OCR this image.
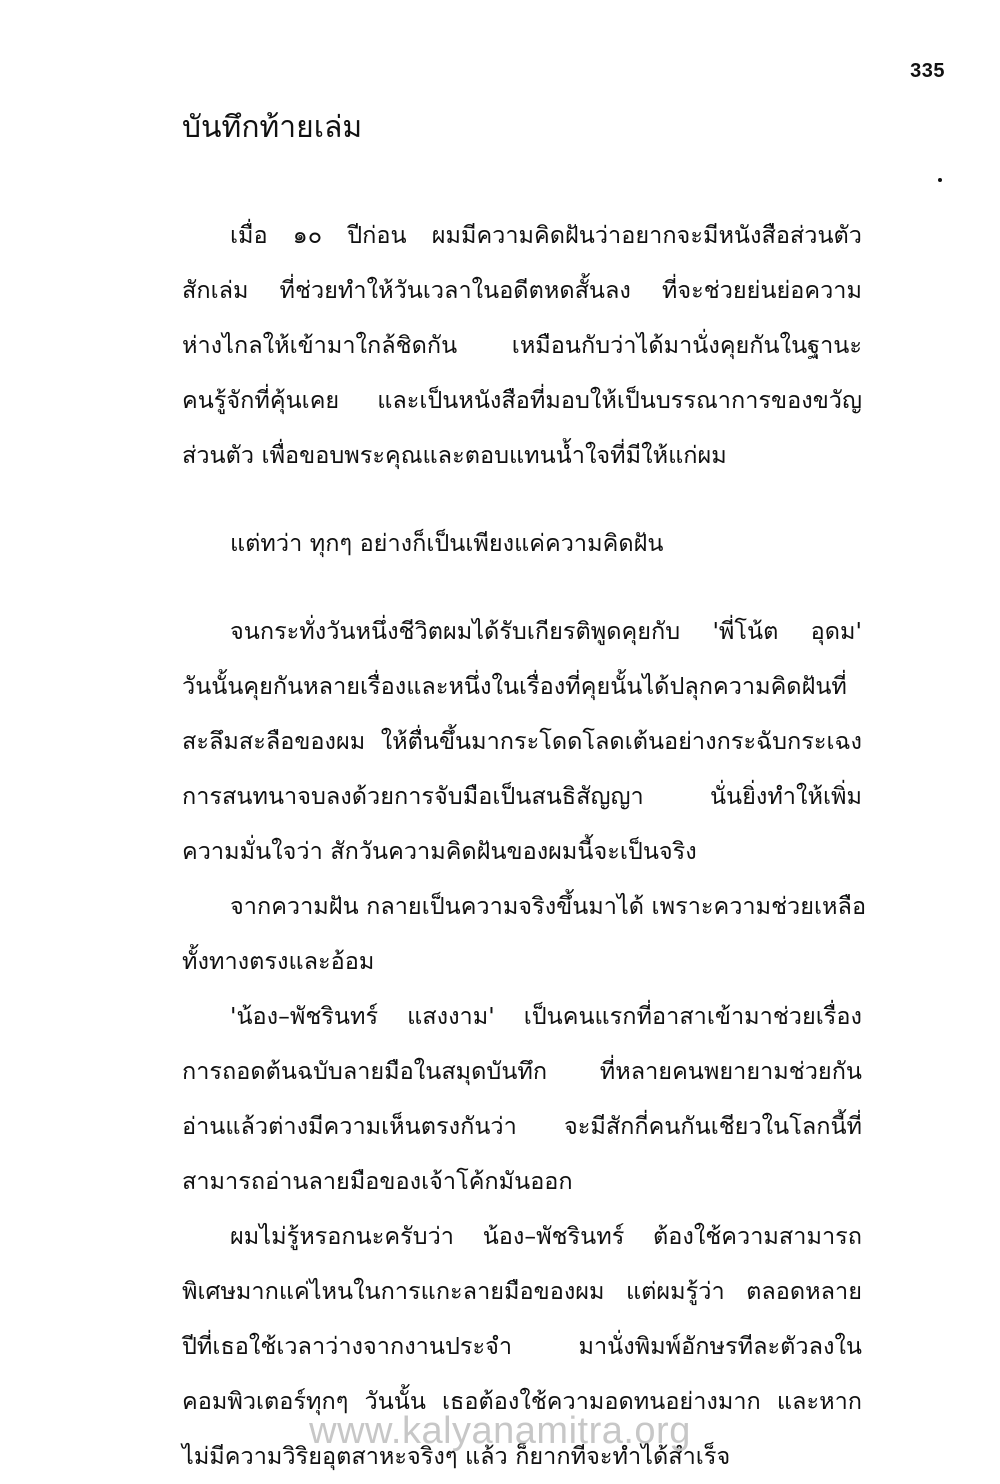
335
บันทึกท้ายเล่ม
เมื่อ ๑๐ ปีก่อน ผมมีความคิดฝันว่าอยากจะมีหนังสือส่วนตัว
สักเล่ม ที่ช่วยทำให้วันเวลาในอดีตหดสั้นลง ที่จะช่วยย่นย่อความ
ห่างไกลให้เข้ามาใกล้ชิดกัน เหมือนกับว่าได้มานั่งคุยกันในฐานะ
คนรู้จักที่คุ้นเคย และเป็นหนังสือที่มอบให้เป็นบรรณาการของขวัญ
ส่วนตัว เพื่อขอบพระคุณและตอบแทนน้ำใจที่มีให้แก่ผม
แต่ทว่า ทุกๆ อย่างก็เป็นเพียงแค่ความคิดฝัน
จนกระทั่งวันหนึ่งชีวิตผมได้รับเกียรติพูดคุยกับ 'พี่โน้ต อุดม'
วันนั้นคุยกันหลายเรื่องและหนึ่งในเรื่องที่คุยนั้นได้ปลุกความคิดฝันที่
สะลึมสะลือของผม ให้ตื่นขึ้นมากระโดดโลดเต้นอย่างกระฉับกระเฉง
การสนทนาจบลงด้วยการจับมือเป็นสนธิสัญญา นั่นยิ่งทำให้เพิ่ม
ความมั่นใจว่า สักวันความคิดฝันของผมนี้จะเป็นจริง
จากความฝัน กลายเป็นความจริงขึ้นมาได้ เพราะความช่วยเหลือ
ทั้งทางตรงและอ้อม
'น้อง–พัชรินทร์ แสงงาม' เป็นคนแรกที่อาสาเข้ามาช่วยเรื่อง
การถอดต้นฉบับลายมือในสมุดบันทึก ที่หลายคนพยายามช่วยกัน
อ่านแล้วต่างมีความเห็นตรงกันว่า จะมีสักกี่คนกันเชียวในโลกนี้ที่
สามารถอ่านลายมือของเจ้าโค้กมันออก
ผมไม่รู้หรอกนะครับว่า น้อง–พัชรินทร์ ต้องใช้ความสามารถ
พิเศษมากแค่ไหนในการแกะลายมือของผม แต่ผมรู้ว่า ตลอดหลาย
ปีที่เธอใช้เวลาว่างจากงานประจำ มานั่งพิมพ์อักษรทีละตัวลงใน
คอมพิวเตอร์ทุกๆ วันนั้น เธอต้องใช้ความอดทนอย่างมาก และหาก
ไม่มีความวิริยอุตสาหะจริงๆ แล้ว ก็ยากที่จะทำได้สำเร็จ
www.kalyanamitra.org
